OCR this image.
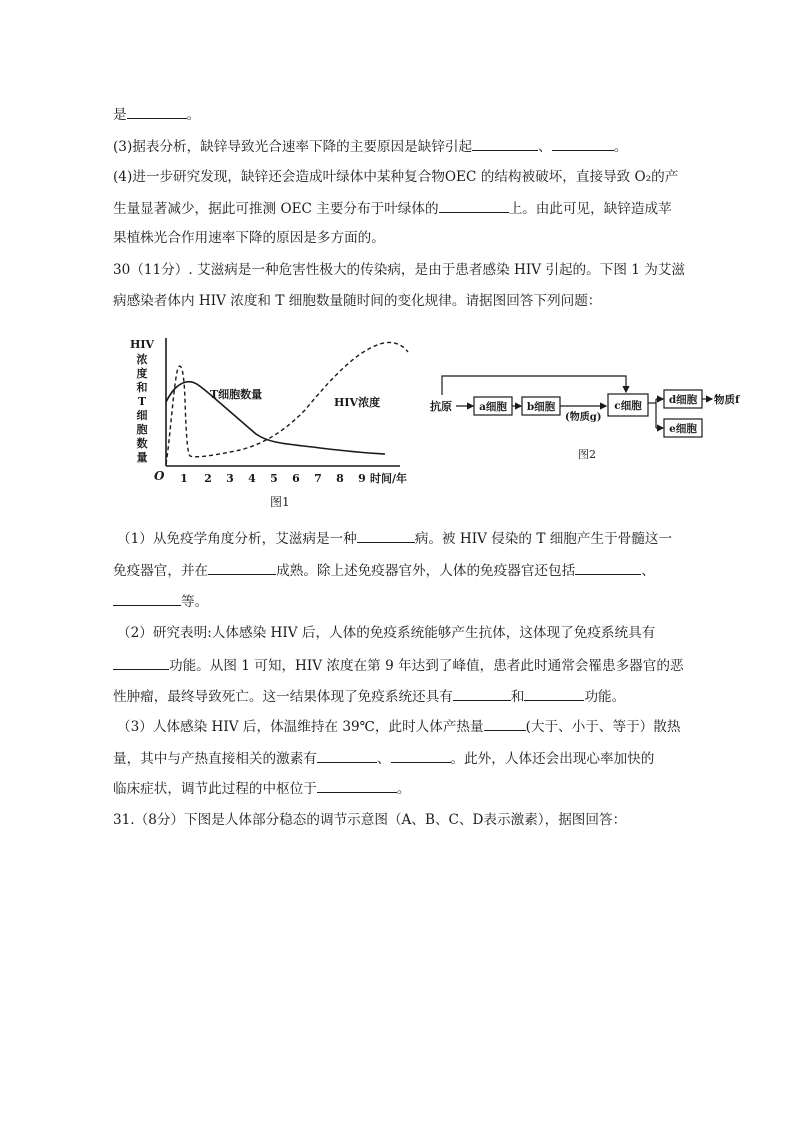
是	。
(3)据表分析，缺锌导致光合速率下降的主要原因是缺锌引起	、	。
(4)进一步研究发现，缺锌还会造成叶绿体中某种复合物OEC 的结构被破坏，直接导致 O₂的产
生量显著减少，据此可推测 OEC 主要分布于叶绿体的	上。由此可见，缺锌造成苹
果植株光合作用速率下降的原因是多方面的。
30（11分）. 艾滋病是一种危害性极大的传染病，是由于患者感染 HIV 引起的。下图 1 为艾滋
病感染者体内 HIV 浓度和 T 细胞数量随时间的变化规律。请据图回答下列问题：
HIV
浓
度
和
T
细
胞
数
量
O 1 2 3 4 5 6 7 8 9 时间/年
T细胞数量
HIV浓度
图1
抗原	a细胞 b细胞
(物质g)
c细胞	d细胞 物质f
e细胞
图2
（1）从免疫学角度分析，艾滋病是一种	病。被 HIV 侵染的 T 细胞产生于骨髓这一
免疫器官，并在	成熟。除上述免疫器官外，人体的免疫器官还包括	、
等。
（2）研究表明:人体感染 HIV 后，人体的免疫系统能够产生抗体，这体现了免疫系统具有
功能。从图 1 可知，HIV 浓度在第 9 年达到了峰值，患者此时通常会罹患多器官的恶
性肿瘤，最终导致死亡。这一结果体现了免疫系统还具有	和	功能。
（3）人体感染 HIV 后，体温维持在 39℃，此时人体产热量	(大于、小于、等于）散热
量，其中与产热直接相关的激素有	、	。此外，人体还会出现心率加快的
临床症状，调节此过程的中枢位于	。
31.（8分）下图是人体部分稳态的调节示意图（A、B、C、D表示激素），据图回答：
